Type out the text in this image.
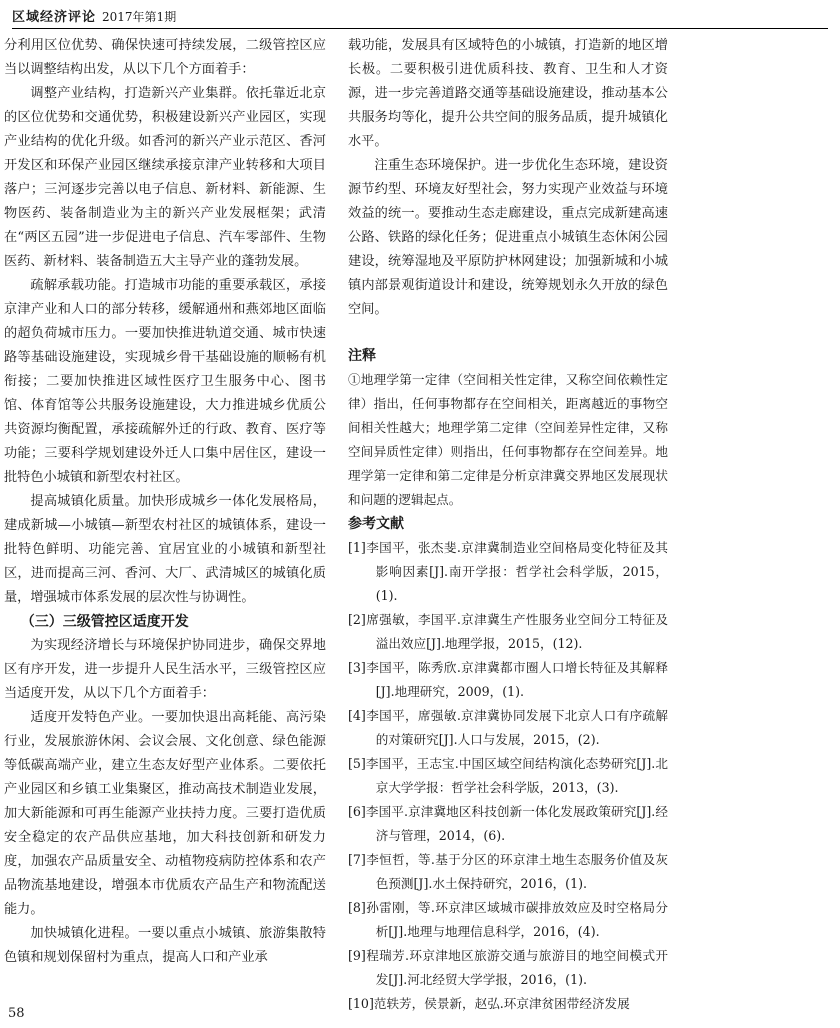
区域经济评论 2017年第1期

分利用区位优势、确保快速可持续发展，二级管控区应当以调整结构出发，从以下几个方面着手：

调整产业结构，打造新兴产业集群。依托靠近北京的区位优势和交通优势，积极建设新兴产业园区，实现产业结构的优化升级。如香河的新兴产业示范区、香河开发区和环保产业园区继续承接京津产业转移和大项目落户；三河逐步完善以电子信息、新材料、新能源、生物医药、装备制造业为主的新兴产业发展框架；武清在“两区五园”进一步促进电子信息、汽车零部件、生物医药、新材料、装备制造五大主导产业的蓬勃发展。

疏解承载功能。打造城市功能的重要承载区，承接京津产业和人口的部分转移，缓解通州和燕郊地区面临的超负荷城市压力。一要加快推进轨道交通、城市快速路等基础设施建设，实现城乡骨干基础设施的顺畅有机衔接；二要加快推进区域性医疗卫生服务中心、图书馆、体育馆等公共服务设施建设，大力推进城乡优质公共资源均衡配置，承接疏解外迁的行政、教育、医疗等功能；三要科学规划建设外迁人口集中居住区，建设一批特色小城镇和新型农村社区。

提高城镇化质量。加快形成城乡一体化发展格局，建成新城—小城镇—新型农村社区的城镇体系，建设一批特色鲜明、功能完善、宜居宜业的小城镇和新型社区，进而提高三河、香河、大厂、武清城区的城镇化质量，增强城市体系发展的层次性与协调性。

（三）三级管控区适度开发

为实现经济增长与环境保护协同进步，确保交界地区有序开发，进一步提升人民生活水平，三级管控区应当适度开发，从以下几个方面着手：

适度开发特色产业。一要加快退出高耗能、高污染行业，发展旅游休闲、会议会展、文化创意、绿色能源等低碳高端产业，建立生态友好型产业体系。二要依托产业园区和乡镇工业集聚区，推动高技术制造业发展，加大新能源和可再生能源产业扶持力度。三要打造优质安全稳定的农产品供应基地，加大科技创新和研发力度，加强农产品质量安全、动植物疫病防控体系和农产品物流基地建设，增强本市优质农产品生产和物流配送能力。

加快城镇化进程。一要以重点小城镇、旅游集散特色镇和规划保留村为重点，提高人口和产业承

载功能，发展具有区域特色的小城镇，打造新的地区增长极。二要积极引进优质科技、教育、卫生和人才资源，进一步完善道路交通等基础设施建设，推动基本公共服务均等化，提升公共空间的服务品质，提升城镇化水平。

注重生态环境保护。进一步优化生态环境，建设资源节约型、环境友好型社会，努力实现产业效益与环境效益的统一。要推动生态走廊建设，重点完成新建高速公路、铁路的绿化任务；促进重点小城镇生态休闲公园建设，统筹湿地及平原防护林网建设；加强新城和小城镇内部景观街道设计和建设，统筹规划永久开放的绿色空间。

注释

①地理学第一定律（空间相关性定律，又称空间依赖性定律）指出，任何事物都存在空间相关，距离越近的事物空间相关性越大；地理学第二定律（空间差异性定律，又称空间异质性定律）则指出，任何事物都存在空间差异。地理学第一定律和第二定律是分析京津冀交界地区发展现状和问题的逻辑起点。

参考文献

[1]李国平，张杰斐.京津冀制造业空间格局变化特征及其影响因素[J].南开学报：哲学社会科学版，2015，(1).
[2]席强敏，李国平.京津冀生产性服务业空间分工特征及溢出效应[J].地理学报，2015，(12).
[3]李国平，陈秀欣.京津冀都市圈人口增长特征及其解释[J].地理研究，2009，(1).
[4]李国平，席强敏.京津冀协同发展下北京人口有序疏解的对策研究[J].人口与发展，2015，(2).
[5]李国平，王志宝.中国区域空间结构演化态势研究[J].北京大学学报：哲学社会科学版，2013，(3).
[6]李国平.京津冀地区科技创新一体化发展政策研究[J].经济与管理，2014，(6).
[7]李恒哲，等.基于分区的环京津土地生态服务价值及灰色预测[J].水土保持研究，2016，(1).
[8]孙雷刚，等.环京津区域城市碳排放效应及时空格局分析[J].地理与地理信息科学，2016，(4).
[9]程瑞芳.环京津地区旅游交通与旅游目的地空间模式开发[J].河北经贸大学学报，2016，(1).
[10]范轶芳，侯景新，赵弘.环京津贫困带经济发展
58
